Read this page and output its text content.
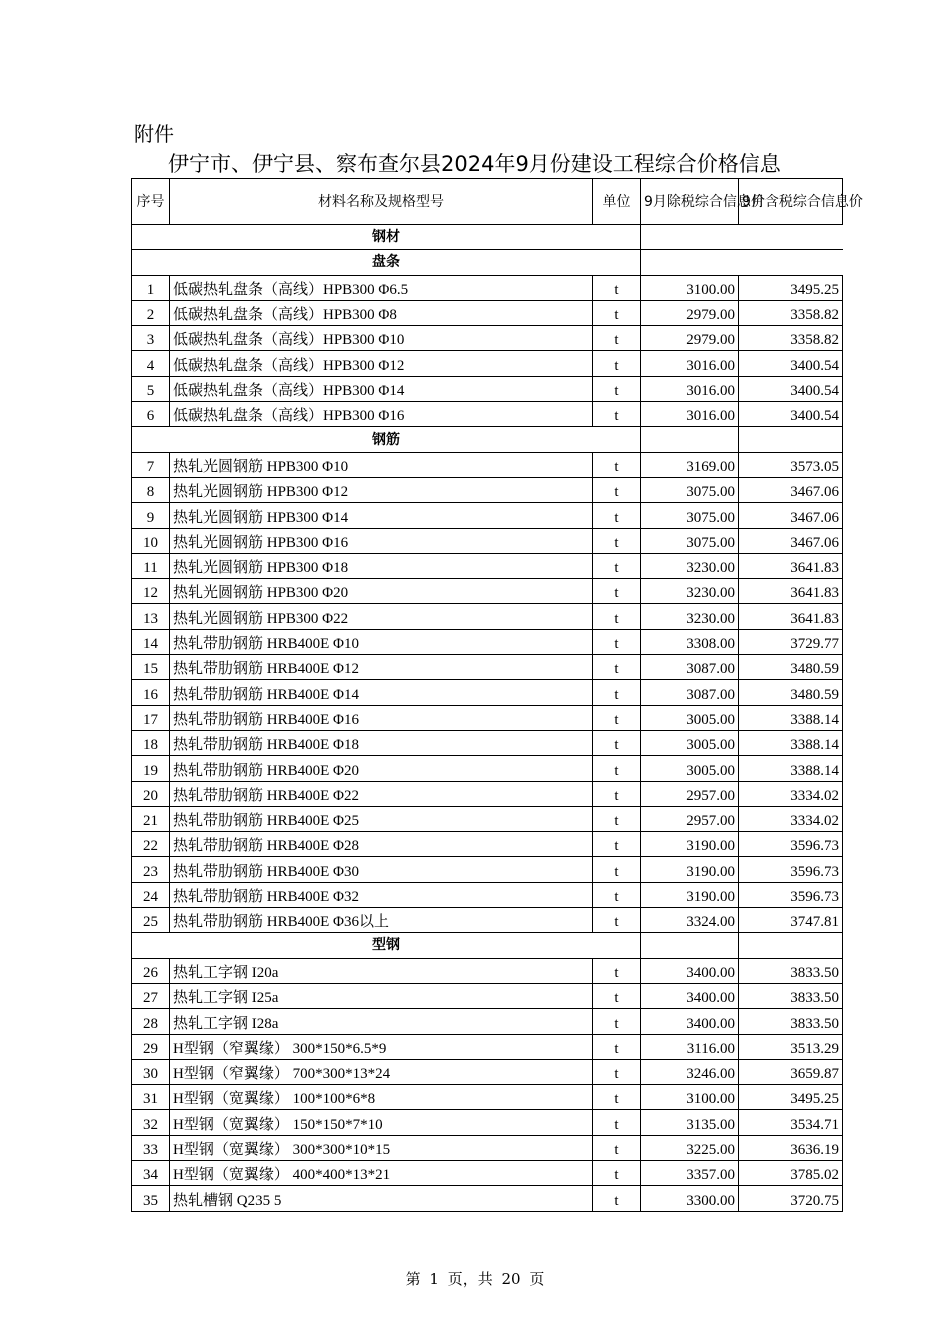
附件
伊宁市、伊宁县、察布查尔县2024年9月份建设工程综合价格信息
序号	材料名称及规格型号	单位	9月除税综合信息价	9月含税综合信息价
钢材				
盘条				
1	低碳热轧盘条（高线）HPB300 Φ6.5	t	3100.00	3495.25
2	低碳热轧盘条（高线）HPB300 Φ8	t	2979.00	3358.82
3	低碳热轧盘条（高线）HPB300 Φ10	t	2979.00	3358.82
4	低碳热轧盘条（高线）HPB300 Φ12	t	3016.00	3400.54
5	低碳热轧盘条（高线）HPB300 Φ14	t	3016.00	3400.54
6	低碳热轧盘条（高线）HPB300 Φ16	t	3016.00	3400.54
钢筋				
7	热轧光圆钢筋 HPB300 Φ10	t	3169.00	3573.05
8	热轧光圆钢筋 HPB300 Φ12	t	3075.00	3467.06
9	热轧光圆钢筋 HPB300 Φ14	t	3075.00	3467.06
10	热轧光圆钢筋 HPB300 Φ16	t	3075.00	3467.06
11	热轧光圆钢筋 HPB300 Φ18	t	3230.00	3641.83
12	热轧光圆钢筋 HPB300 Φ20	t	3230.00	3641.83
13	热轧光圆钢筋 HPB300 Φ22	t	3230.00	3641.83
14	热轧带肋钢筋 HRB400E Φ10	t	3308.00	3729.77
15	热轧带肋钢筋 HRB400E Φ12	t	3087.00	3480.59
16	热轧带肋钢筋 HRB400E Φ14	t	3087.00	3480.59
17	热轧带肋钢筋 HRB400E Φ16	t	3005.00	3388.14
18	热轧带肋钢筋 HRB400E Φ18	t	3005.00	3388.14
19	热轧带肋钢筋 HRB400E Φ20	t	3005.00	3388.14
20	热轧带肋钢筋 HRB400E Φ22	t	2957.00	3334.02
21	热轧带肋钢筋 HRB400E Φ25	t	2957.00	3334.02
22	热轧带肋钢筋 HRB400E Φ28	t	3190.00	3596.73
23	热轧带肋钢筋 HRB400E Φ30	t	3190.00	3596.73
24	热轧带肋钢筋 HRB400E Φ32	t	3190.00	3596.73
25	热轧带肋钢筋 HRB400E Φ36以上	t	3324.00	3747.81
型钢				
26	热轧工字钢 I20a	t	3400.00	3833.50
27	热轧工字钢 I25a	t	3400.00	3833.50
28	热轧工字钢 I28a	t	3400.00	3833.50
29	H型钢（窄翼缘） 300*150*6.5*9	t	3116.00	3513.29
30	H型钢（窄翼缘） 700*300*13*24	t	3246.00	3659.87
31	H型钢（宽翼缘） 100*100*6*8	t	3100.00	3495.25
32	H型钢（宽翼缘） 150*150*7*10	t	3135.00	3534.71
33	H型钢（宽翼缘） 300*300*10*15	t	3225.00	3636.19
34	H型钢（宽翼缘） 400*400*13*21	t	3357.00	3785.02
35	热轧槽钢 Q235 5	t	3300.00	3720.75
第 1 页，共 20 页
